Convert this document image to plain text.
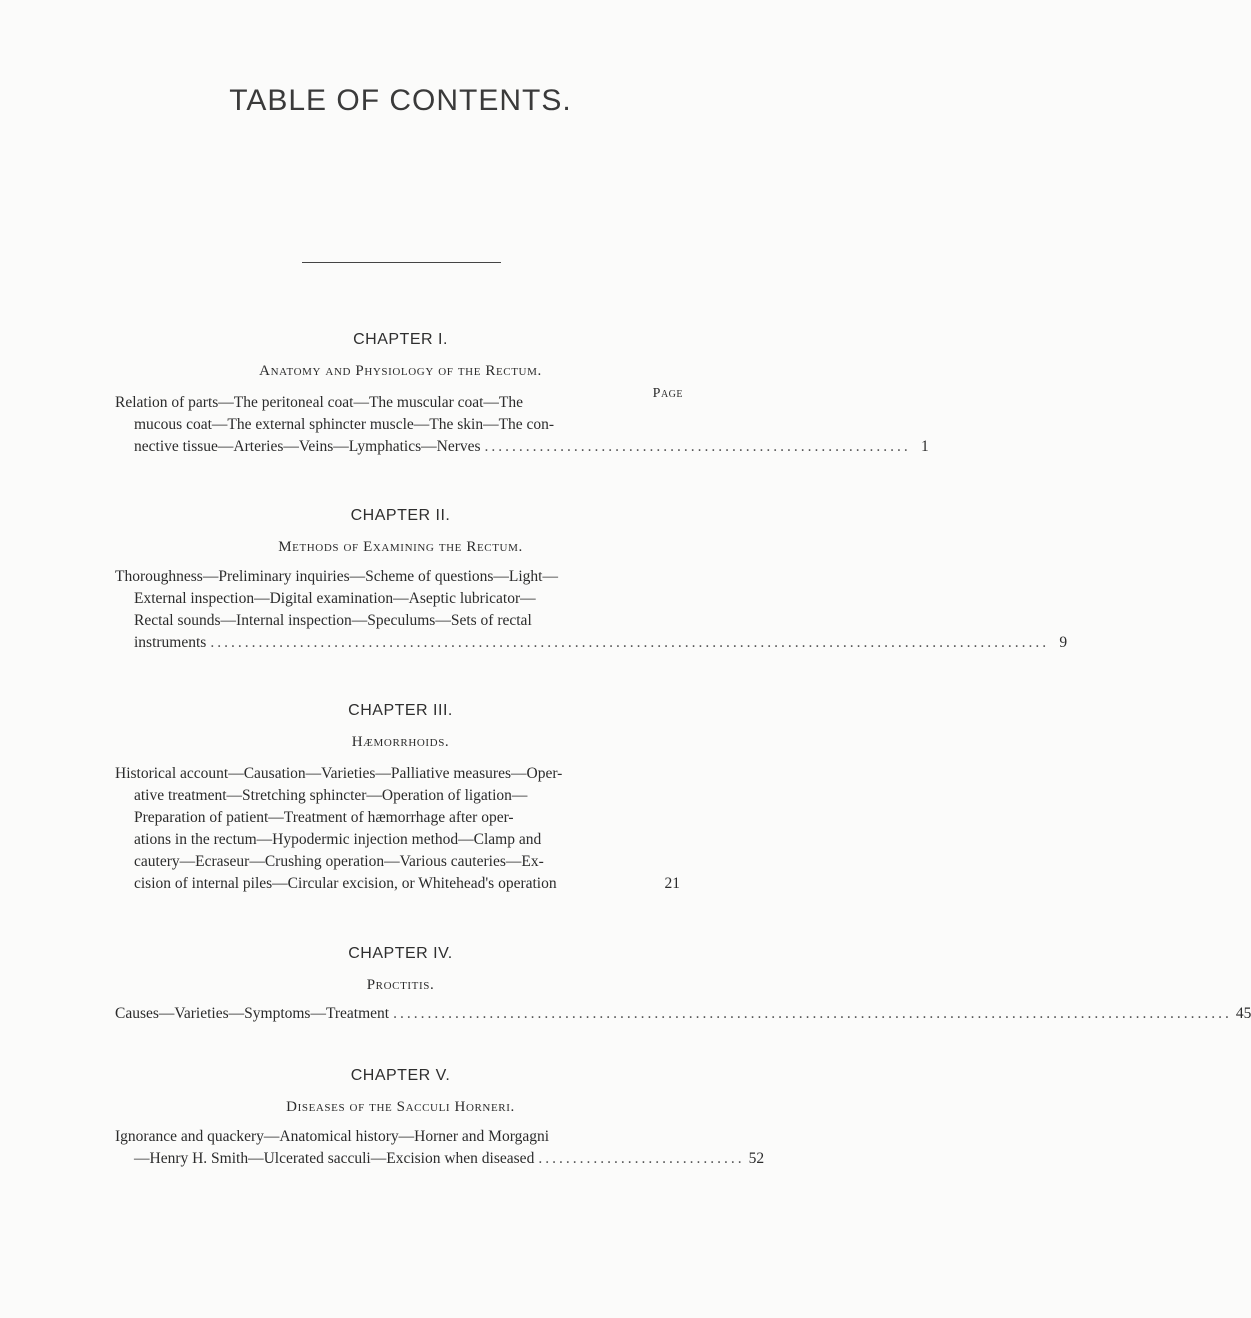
TABLE OF CONTENTS.
CHAPTER I.
Anatomy and Physiology of the Rectum.
Page
Relation of parts—The peritoneal coat—The muscular coat—The
mucous coat—The external sphincter muscle—The skin—The con-
nective tissue—Arteries—Veins—Lymphatics—Nerves .............................................................. 1
CHAPTER II.
Methods of Examining the Rectum.
Thoroughness—Preliminary inquiries—Scheme of questions—Light—
External inspection—Digital examination—Aseptic lubricator—
Rectal sounds—Internal inspection—Speculums—Sets of rectal
instruments .......................................................................................................................... 9
CHAPTER III.
Hæmorrhoids.
Historical account—Causation—Varieties—Palliative measures—Oper-
ative treatment—Stretching sphincter—Operation of ligation—
Preparation of patient—Treatment of hæmorrhage after oper-
ations in the rectum—Hypodermic injection method—Clamp and
cautery—Ecraseur—Crushing operation—Various cauteries—Ex-
cision of internal piles—Circular excision, or Whitehead's operation	21
CHAPTER IV.
Proctitis.
Causes—Varieties—Symptoms—Treatment .......................................................................................................................... 45
CHAPTER V.
Diseases of the Sacculi Horneri.
Ignorance and quackery—Anatomical history—Horner and Morgagni
—Henry H. Smith—Ulcerated sacculi—Excision when diseased .............................. 52
